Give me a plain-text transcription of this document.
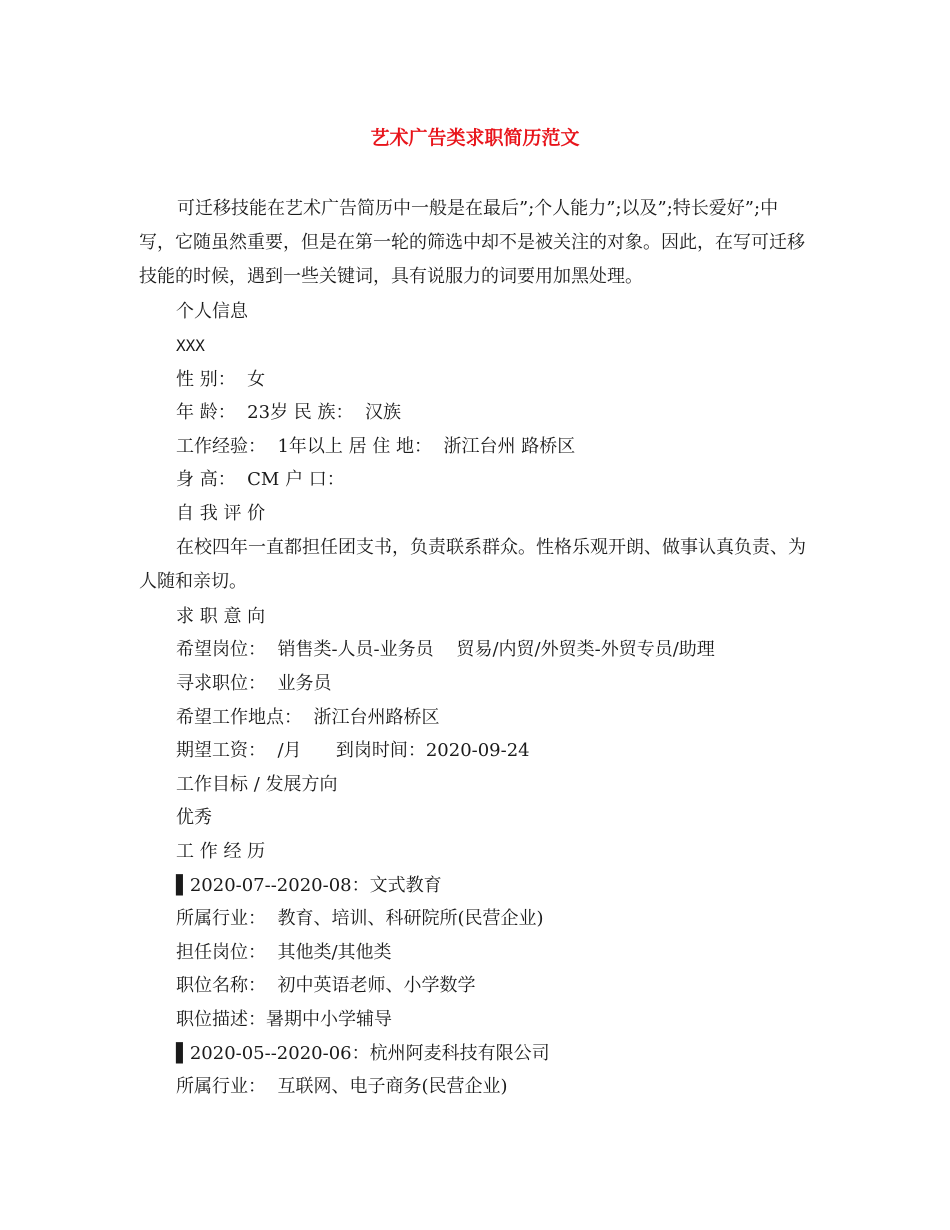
艺术广告类求职简历范文

可迁移技能在艺术广告简历中一般是在最后”;个人能力”;以及”;特长爱好”;中写，它随虽然重要，但是在第一轮的筛选中却不是被关注的对象。因此，在写可迁移技能的时候，遇到一些关键词，具有说服力的词要用加黑处理。

个人信息
XXX
性 别：  女
年 龄：  23岁 民 族：  汉族
工作经验：  1年以上 居 住 地：  浙江台州 路桥区
身 高：  CM 户 口：
自 我 评 价

在校四年一直都担任团支书，负责联系群众。性格乐观开朗、做事认真负责、为人随和亲切。

求 职 意 向
希望岗位：  销售类-人员-业务员    贸易/内贸/外贸类-外贸专员/助理
寻求职位：  业务员
希望工作地点：  浙江台州路桥区
期望工资：  /月      到岗时间：2020-09-24
工作目标 / 发展方向
优秀
工 作 经 历
▌2020-07--2020-08：文式教育
所属行业：  教育、培训、科研院所(民营企业)
担任岗位：  其他类/其他类
职位名称：  初中英语老师、小学数学
职位描述：暑期中小学辅导
▌2020-05--2020-06：杭州阿麦科技有限公司
所属行业：  互联网、电子商务(民营企业)
